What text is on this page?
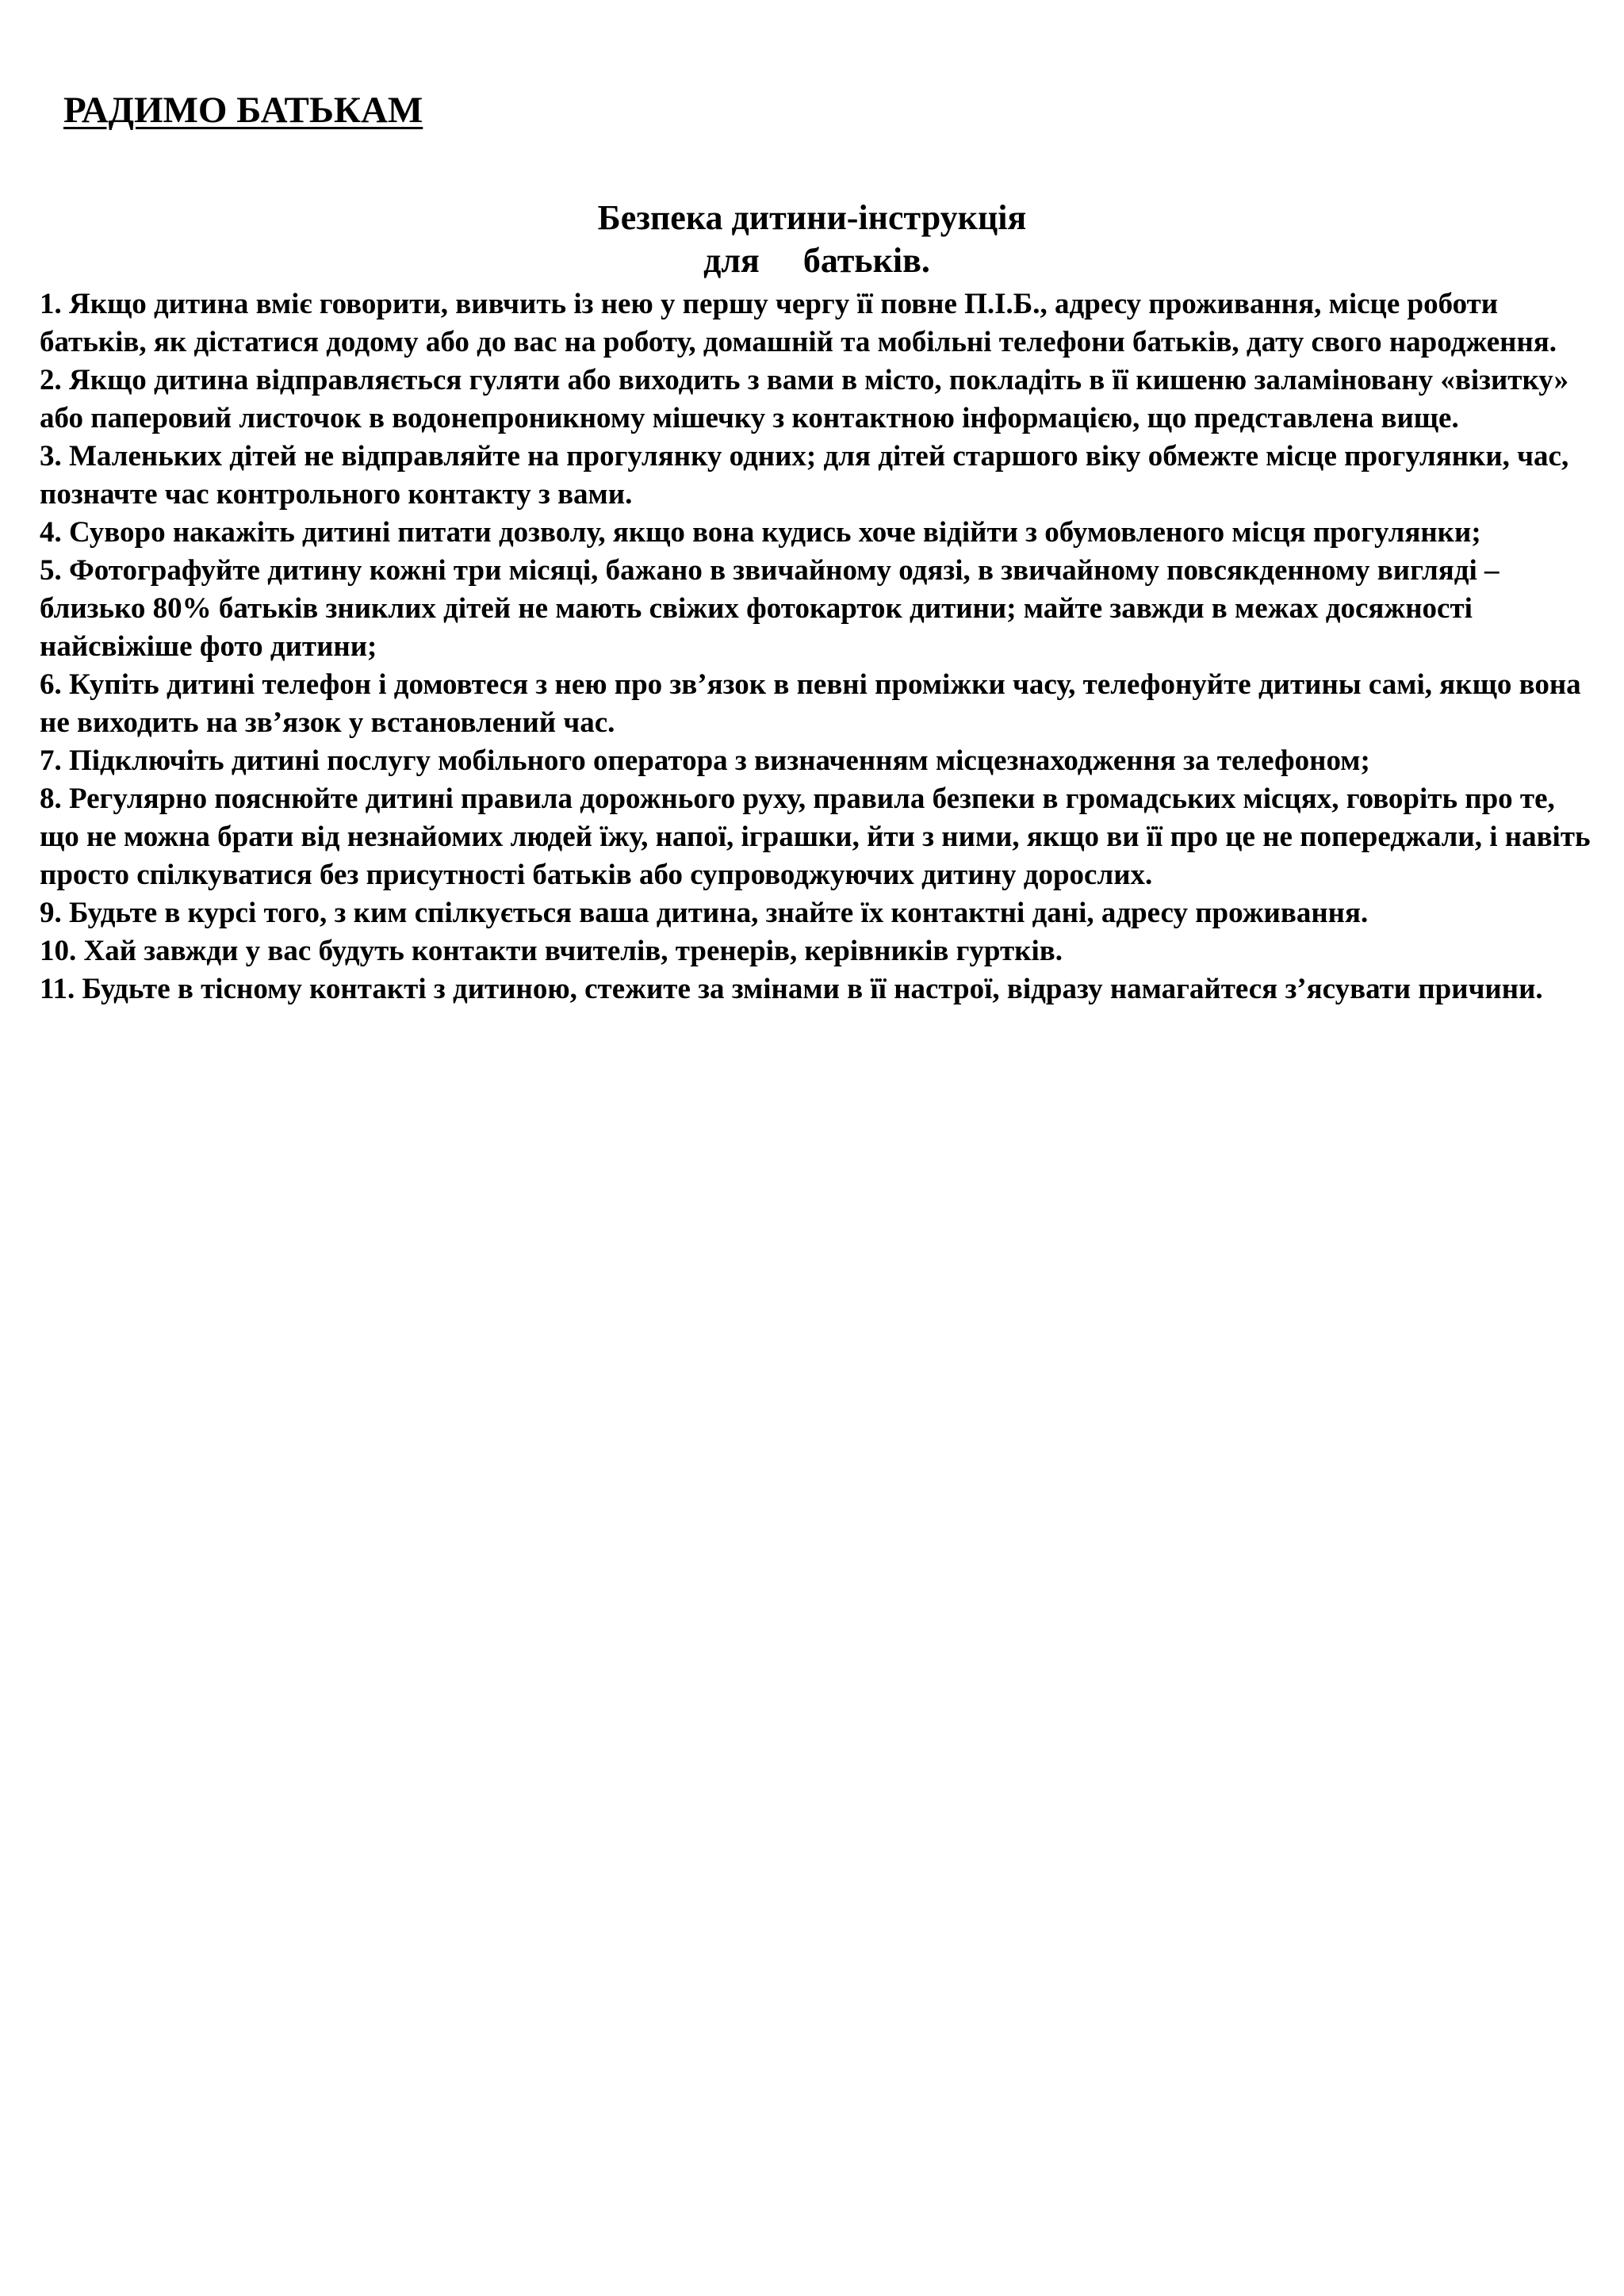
РАДИМО БАТЬКАМ
Безпека дитини-інструкція
для     батьків.

1. Якщо дитина вміє говорити, вивчить із нею у першу чергу її повне П.І.Б., адресу проживання, місце роботи батьків, як дістатися додому або до вас на роботу, домашній та мобільні телефони батьків, дату свого народження.

2. Якщо дитина відправляється гуляти або виходить з вами в місто, покладіть в її кишеню заламіновану «візитку» або паперовий листочок в водонепроникному мішечку з контактною інформацією, що представлена вище.

3. Маленьких дітей не відправляйте на прогулянку одних; для дітей старшого віку обмежте місце прогулянки, час, позначте час контрольного контакту з вами.

4. Суворо накажіть дитині питати дозволу, якщо вона кудись хоче відійти з обумовленого місця прогулянки;

5. Фотографуйте дитину кожні три місяці, бажано в звичайному одязі, в звичайному повсякденному вигляді – близько 80% батьків зниклих дітей не мають свіжих фотокарток дитини; майте завжди в межах досяжності найсвіжіше фото дитини;

6. Купіть дитині телефон і домовтеся з нею про зв’язок в певні проміжки часу, телефонуйте дитины самі, якщо вона не виходить на зв’язок у встановлений час.

7. Підключіть дитині послугу мобільного оператора з визначенням місцезнаходження за телефоном;

8. Регулярно пояснюйте дитині правила дорожнього руху, правила безпеки в громадських місцях, говоріть про те, що не можна брати від незнайомих людей їжу, напої, іграшки, йти з ними, якщо ви її про це не попереджали, і навіть просто спілкуватися без присутності батьків або супроводжуючих дитину дорослих.

9. Будьте в курсі того, з ким спілкується ваша дитина, знайте їх контактні дані, адресу проживання.

10. Хай завжди у вас будуть контакти вчителів, тренерів, керівників гуртків.

11. Будьте в тісному контакті з дитиною, стежите за змінами в її настрої, відразу намагайтеся з’ясувати причини.
